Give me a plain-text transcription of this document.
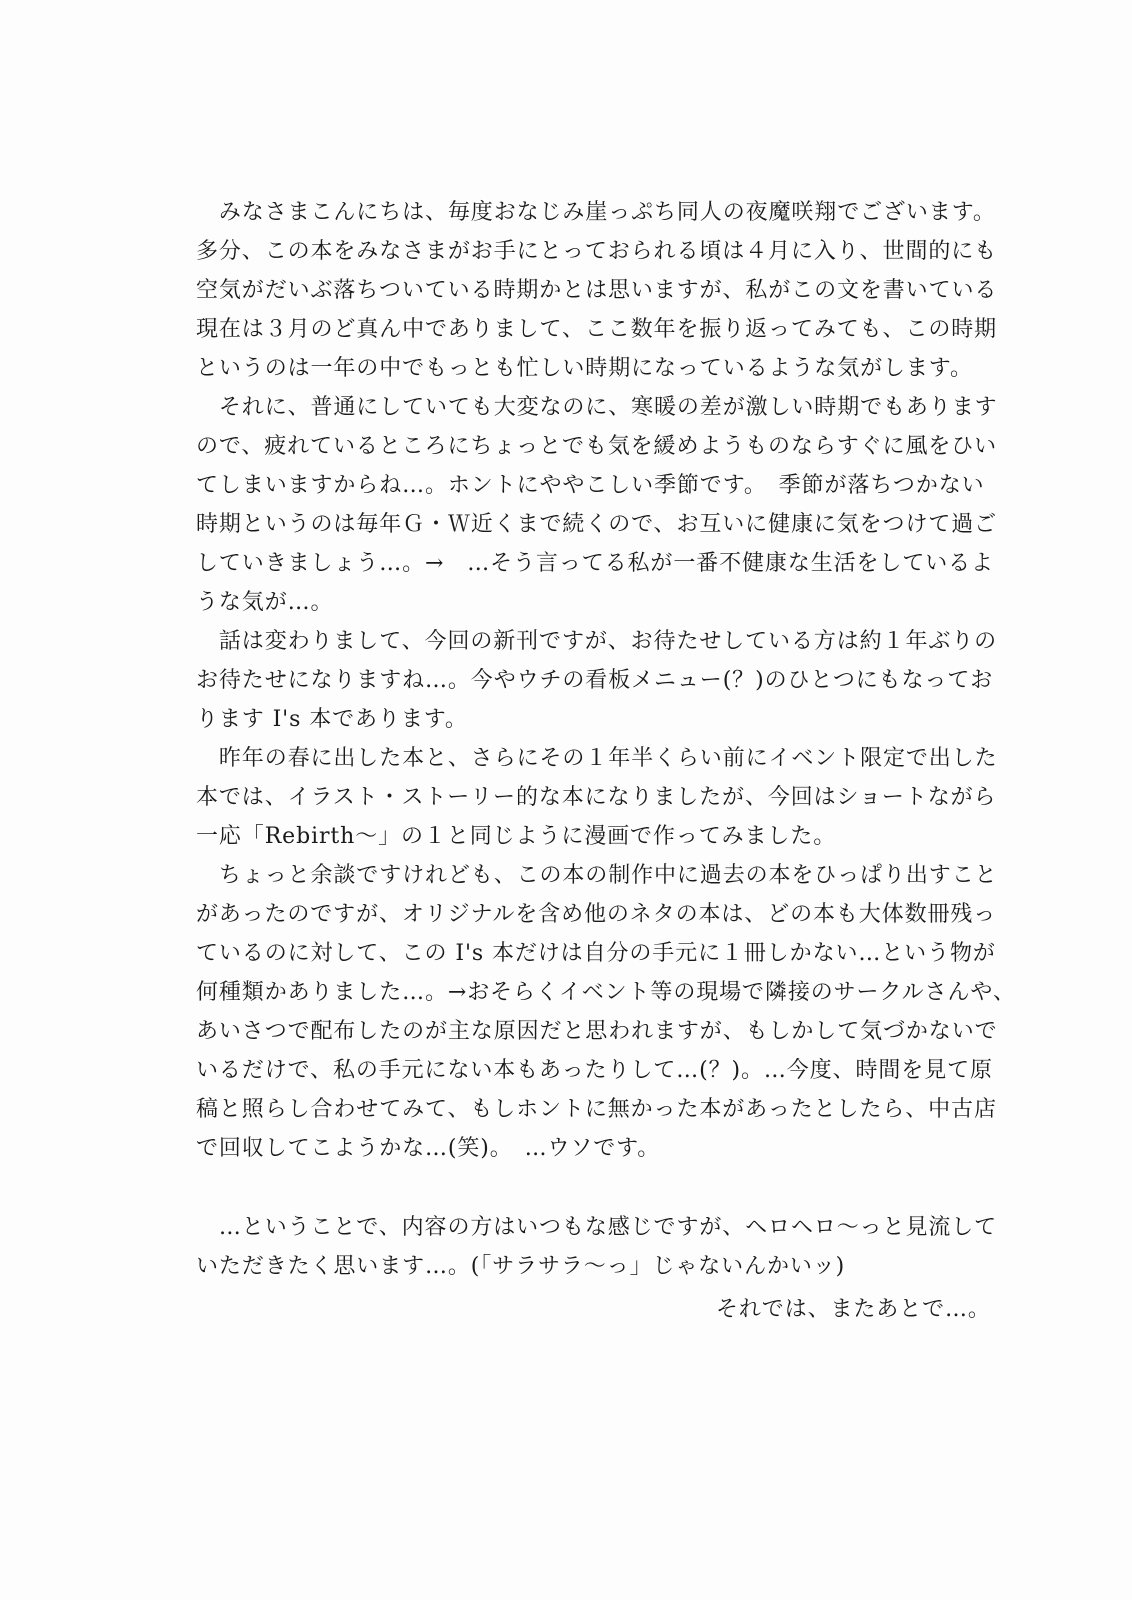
　みなさまこんにちは、毎度おなじみ崖っぷち同人の夜魔咲翔でございます。
多分、この本をみなさまがお手にとっておられる頃は４月に入り、世間的にも
空気がだいぶ落ちついている時期かとは思いますが、私がこの文を書いている
現在は３月のど真ん中でありまして、ここ数年を振り返ってみても、この時期
というのは一年の中でもっとも忙しい時期になっているような気がします。
　それに、普通にしていても大変なのに、寒暖の差が激しい時期でもあります
ので、疲れているところにちょっとでも気を緩めようものならすぐに風をひい
てしまいますからね…。ホントにややこしい季節です。　季節が落ちつかない
時期というのは毎年Ｇ・Ｗ近くまで続くので、お互いに健康に気をつけて過ご
していきましょう…。→　…そう言ってる私が一番不健康な生活をしているよ
うな気が…。
　話は変わりまして、今回の新刊ですが、お待たせしている方は約１年ぶりの
お待たせになりますね…。今やウチの看板メニュー(？)のひとつにもなってお
ります I's 本であります。
　昨年の春に出した本と、さらにその１年半くらい前にイベント限定で出した
本では、イラスト・ストーリー的な本になりましたが、今回はショートながら
一応「Rebirth～」の１と同じように漫画で作ってみました。
　ちょっと余談ですけれども、この本の制作中に過去の本をひっぱり出すこと
があったのですが、オリジナルを含め他のネタの本は、どの本も大体数冊残っ
ているのに対して、この I's 本だけは自分の手元に１冊しかない…という物が
何種類かありました…。→おそらくイベント等の現場で隣接のサークルさんや、
あいさつで配布したのが主な原因だと思われますが、もしかして気づかないで
いるだけで、私の手元にない本もあったりして…(？)。…今度、時間を見て原
稿と照らし合わせてみて、もしホントに無かった本があったとしたら、中古店
で回収してこようかな…(笑)。　…ウソです。
　…ということで、内容の方はいつもな感じですが、ヘロヘロ～っと見流して
いただきたく思います…。(「サラサラ～っ」じゃないんかいッ)
それでは、またあとで…。
